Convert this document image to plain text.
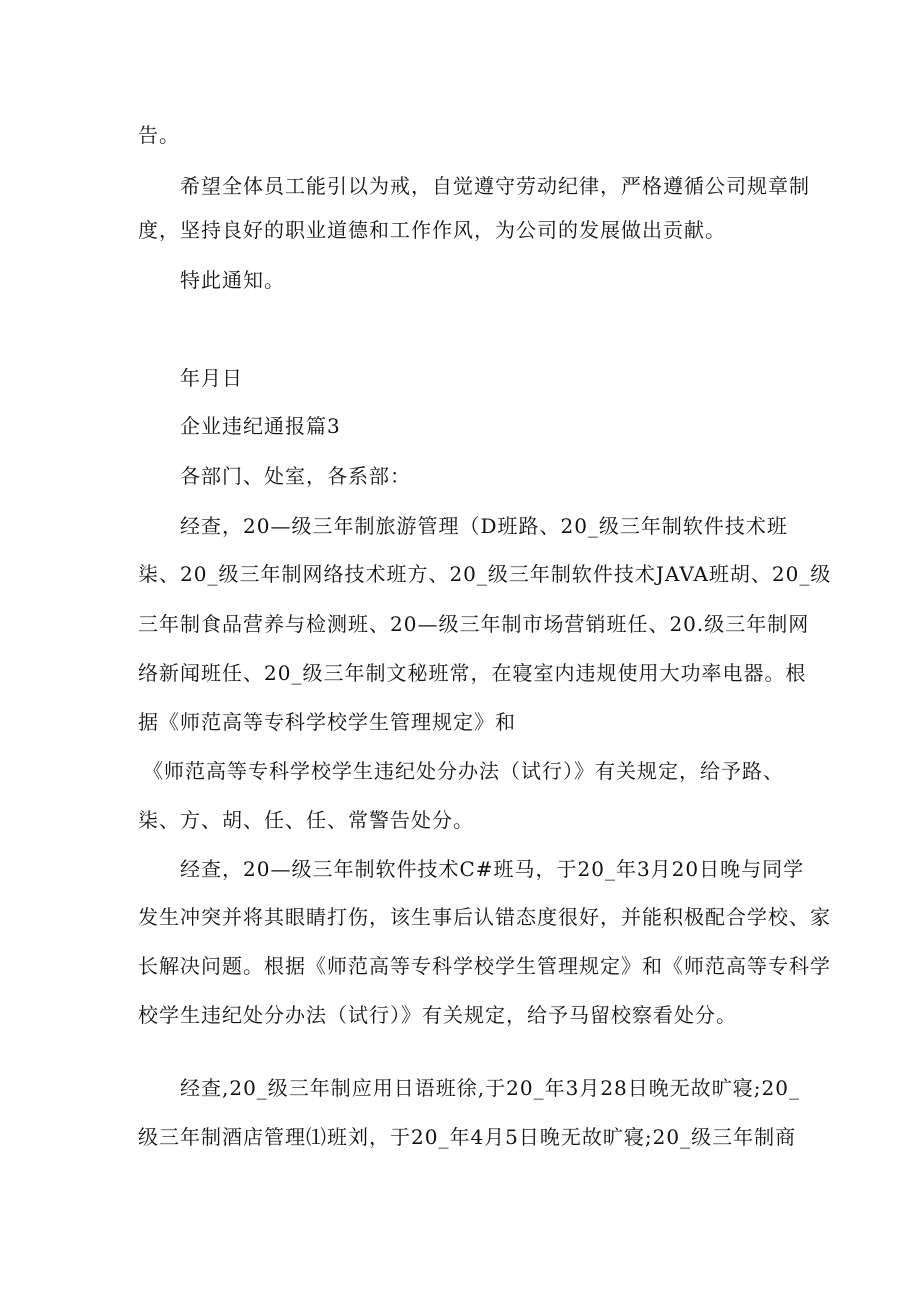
告。
希望全体员工能引以为戒，自觉遵守劳动纪律，严格遵循公司规章制
度，坚持良好的职业道德和工作作风，为公司的发展做出贡献。
特此通知。
年月日
企业违纪通报篇3
各部门、处室，各系部：
经查，20—级三年制旅游管理（D班路、20_级三年制软件技术班
柒、20_级三年制网络技术班方、20_级三年制软件技术JAVA班胡、20_级
三年制食品营养与检测班、20—级三年制市场营销班任、20.级三年制网
络新闻班任、20_级三年制文秘班常，在寝室内违规使用大功率电器。根
据《师范高等专科学校学生管理规定》和
《师范高等专科学校学生违纪处分办法（试行）》有关规定，给予路、
柒、方、胡、任、任、常警告处分。
经查，20—级三年制软件技术C#班马，于20_年3月20日晚与同学
发生冲突并将其眼睛打伤，该生事后认错态度很好，并能积极配合学校、家
长解决问题。根据《师范高等专科学校学生管理规定》和《师范高等专科学
校学生违纪处分办法（试行）》有关规定，给予马留校察看处分。
经查,20_级三年制应用日语班徐,于20_年3月28日晚无故旷寝;20_
级三年制酒店管理⑴班刘，于20_年4月5日晚无故旷寝;20_级三年制商
